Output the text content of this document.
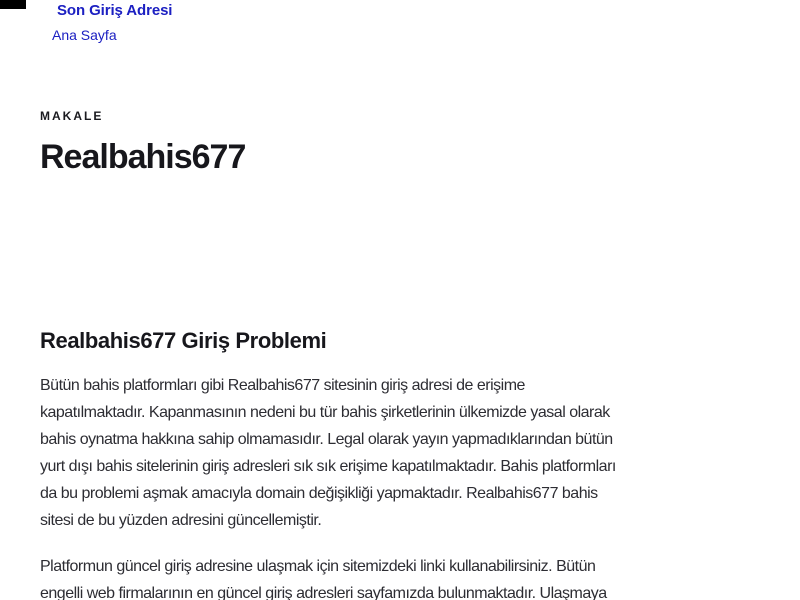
Son Giriş Adresi
Ana Sayfa
MAKALE
Realbahis677
Realbahis677 Giriş Problemi

Bütün bahis platformları gibi Realbahis677 sitesinin giriş adresi de erişime
kapatılmaktadır. Kapanmasının nedeni bu tür bahis şirketlerinin ülkemizde yasal olarak
bahis oynatma hakkına sahip olmamasıdır. Legal olarak yayın yapmadıklarından bütün
yurt dışı bahis sitelerinin giriş adresleri sık sık erişime kapatılmaktadır. Bahis platformları
da bu problemi aşmak amacıyla domain değişikliği yapmaktadır. Realbahis677 bahis
sitesi de bu yüzden adresini güncellemiştir.

Platformun güncel giriş adresine ulaşmak için sitemizdeki linki kullanabilirsiniz. Bütün
engelli web firmalarının en güncel giriş adresleri sayfamızda bulunmaktadır. Ulaşmaya
